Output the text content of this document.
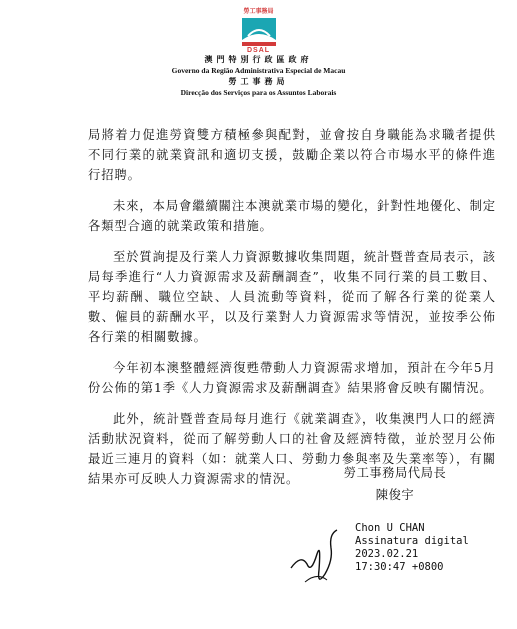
勞工事務局
DSAL

澳門特別行政區政府

Governo da Região Administrativa Especial de Macau

勞工事務局

Direcção dos Serviços para os Assuntos Laborais

局將着力促進勞資雙方積極參與配對，並會按自身職能為求職者提供不同行業的就業資訊和適切支援，鼓勵企業以符合市場水平的條件進行招聘。

未來，本局會繼續關注本澳就業市場的變化，針對性地優化、制定各類型合適的就業政策和措施。

至於質詢提及行業人力資源數據收集問題，統計暨普查局表示，該局每季進行“人力資源需求及薪酬調查”，收集不同行業的員工數目、平均薪酬、職位空缺、人員流動等資料，從而了解各行業的從業人數、僱員的薪酬水平，以及行業對人力資源需求等情況，並按季公佈各行業的相關數據。

今年初本澳整體經濟復甦帶動人力資源需求增加，預計在今年5月份公佈的第1季《人力資源需求及薪酬調查》結果將會反映有關情況。

此外，統計暨普查局每月進行《就業調查》，收集澳門人口的經濟活動狀況資料，從而了解勞動人口的社會及經濟特徵，並於翌月公佈最近三連月的資料（如：就業人口、勞動力參與率及失業率等），有關結果亦可反映人力資源需求的情況。	勞工事務局代局長
陳俊宇
Chon U CHAN
Assinatura digital
2023.02.21
17:30:47 +0800
